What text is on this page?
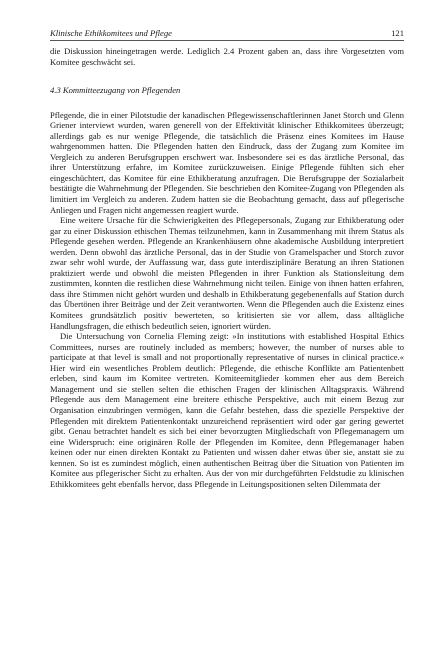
Klinische Ethikkomitees und Pflege	121

die Diskussion hineingetragen werde. Lediglich 2.4 Prozent gaben an, dass ihre Vorgesetzten vom Komitee geschwächt sei.

4.3 Kommitteezugang von Pflegenden

Pflegende, die in einer Pilotstudie der kanadischen Pflegewissenschaftlerinnen Janet Storch und Glenn Griener interviewt wurden, waren generell von der Effektivität klinischer Ethikkomitees überzeugt; allerdings gab es nur wenige Pflegende, die tatsächlich die Präsenz eines Komitees im Hause wahrgenommen hatten. Die Pflegenden hatten den Eindruck, dass der Zugang zum Komitee im Vergleich zu anderen Berufsgruppen erschwert war. Insbesondere sei es das ärztliche Personal, das ihrer Unterstützung erfahre, im Komitee zurückzuweisen. Einige Pflegende fühlten sich eher eingeschüchtert, das Komitee für eine Ethikberatung anzufragen. Die Berufsgruppe der Sozialarbeit bestätigte die Wahrnehmung der Pflegenden. Sie beschrieben den Komitee-Zugang von Pflegenden als limitiert im Vergleich zu anderen. Zudem hatten sie die Beobachtung gemacht, dass auf pflegerische Anliegen und Fragen nicht angemessen reagiert wurde.

Eine weitere Ursache für die Schwierigkeiten des Pflegepersonals, Zugang zur Ethikberatung oder gar zu einer Diskussion ethischen Themas teilzunehmen, kann in Zusammenhang mit ihrem Status als Pflegende gesehen werden. Pflegende an Krankenhäusern ohne akademische Ausbildung interpretiert werden. Denn obwohl das ärztliche Personal, das in der Studie von Gramelspacher und Storch zuvor zwar sehr wohl wurde, der Auffassung war, dass gute interdisziplinäre Beratung an ihren Stationen praktiziert werde und obwohl die meisten Pflegenden in ihrer Funktion als Stationsleitung dem zustimmten, konnten die restlichen diese Wahrnehmung nicht teilen. Einige von ihnen hatten erfahren, dass ihre Stimmen nicht gehört wurden und deshalb in Ethikberatung gegebenenfalls auf Station durch das Übertönen ihrer Beiträge und der Zeit verantworten. Wenn die Pflegenden auch die Existenz eines Komitees grundsätzlich positiv bewerteten, so kritisierten sie vor allem, dass alltägliche Handlungsfragen, die ethisch bedeutlich seien, ignoriert würden.

Die Untersuchung von Cornelia Fleming zeigt: »In institutions with established Hospital Ethics Committees, nurses are routinely included as members; however, the number of nurses able to participate at that level is small and not proportionally representative of nurses in clinical practice.« Hier wird ein wesentliches Problem deutlich: Pflegende, die ethische Konflikte am Patientenbett erleben, sind kaum im Komitee vertreten. Komiteemitglieder kommen eher aus dem Bereich Management und sie stellen selten die ethischen Fragen der klinischen Alltagspraxis. Während Pflegende aus dem Management eine breitere ethische Perspektive, auch mit einem Bezug zur Organisation einzubringen vermögen, kann die Gefahr bestehen, dass die spezielle Perspektive der Pflegenden mit direktem Patientenkontakt unzureichend repräsentiert wird oder gar gering gewertet gibt. Genau betrachtet handelt es sich bei einer bevorzugten Mitgliedschaft von Pflegemanagern um eine Widerspruch: eine originären Rolle der Pflegenden im Komitee, denn Pflegemanager haben keinen oder nur einen direkten Kontakt zu Patienten und wissen daher etwas über sie, anstatt sie zu kennen. So ist es zumindest möglich, einen authentischen Beitrag über die Situation von Patienten im Komitee aus pflegerischer Sicht zu erhalten. Aus der von mir durchgeführten Feldstudie zu klinischen Ethikkomitees geht ebenfalls hervor, dass Pflegende in Leitungspositionen selten Dilemmata der
